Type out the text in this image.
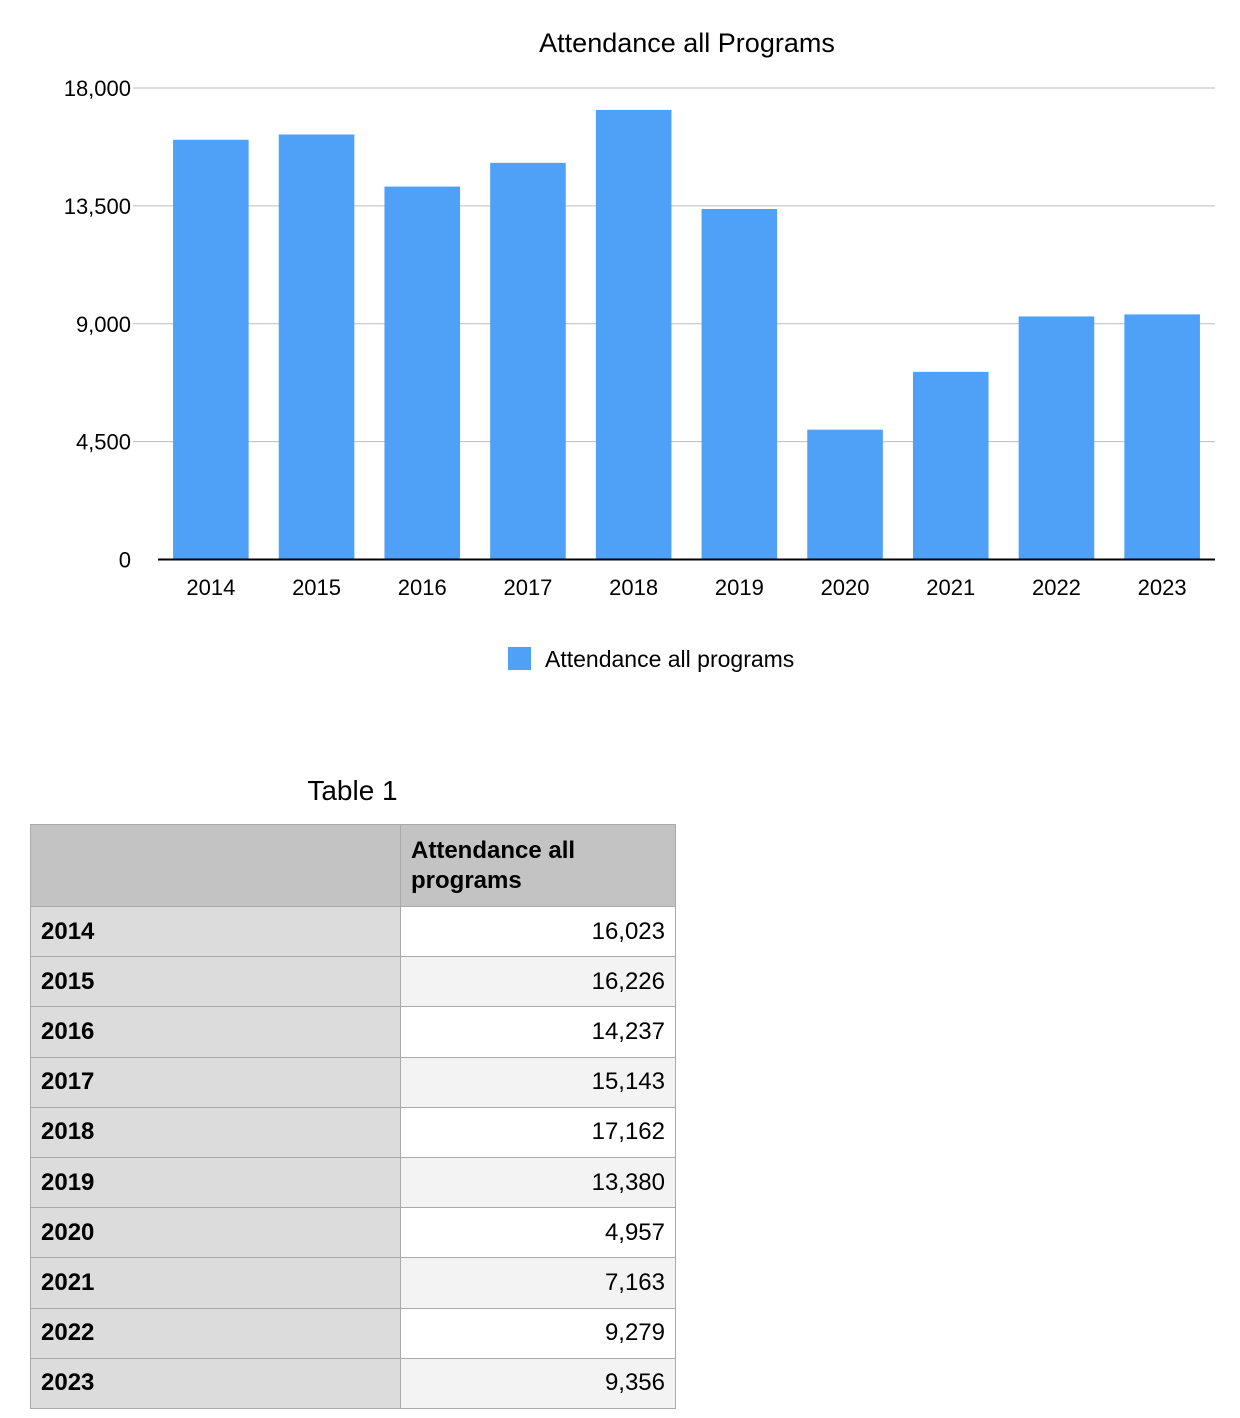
Attendance all Programs
0
4,500
9,000
13,500
18,000
2014	2015	2016	2017	2018	2019	2020	2021	2022	2023
Attendance all programs
Table 1
	Attendance all programs
2014	16,023
2015	16,226
2016	14,237
2017	15,143
2018	17,162
2019	13,380
2020	4,957
2021	7,163
2022	9,279
2023	9,356
